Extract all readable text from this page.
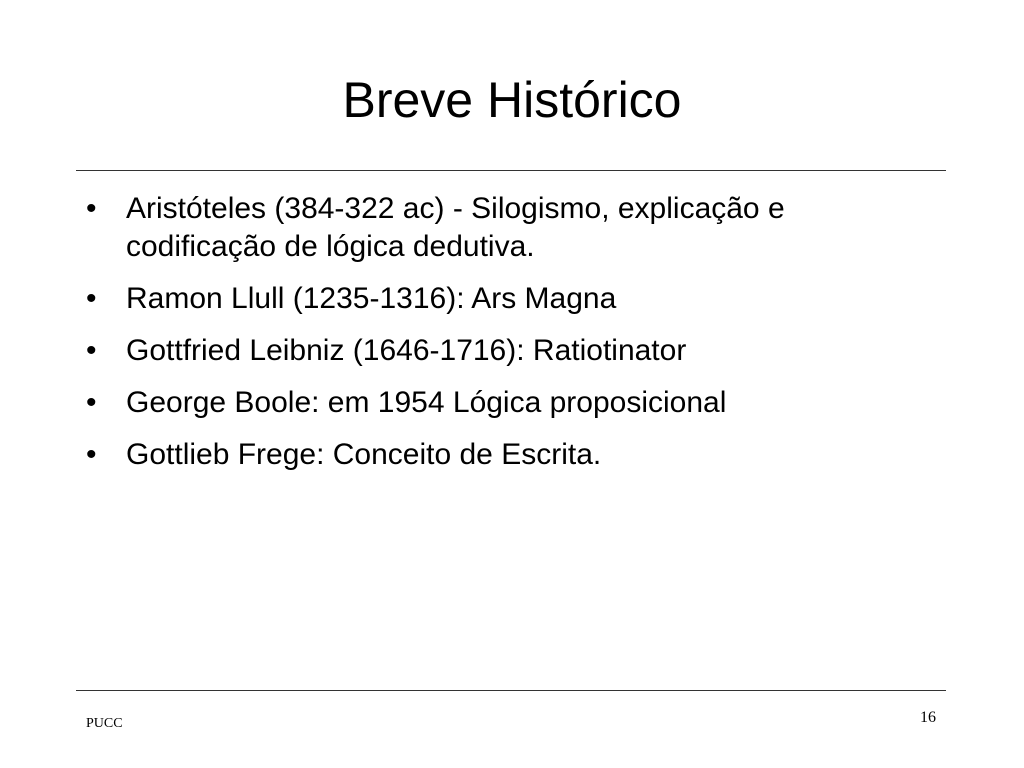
Breve Histórico
• Aristóteles (384-322 ac) - Silogismo, explicação e codificação de lógica dedutiva.
• Ramon Llull (1235-1316): Ars Magna
• Gottfried Leibniz (1646-1716): Ratiotinator
• George Boole: em 1954 Lógica proposicional
• Gottlieb Frege: Conceito de Escrita.
PUCC	16
